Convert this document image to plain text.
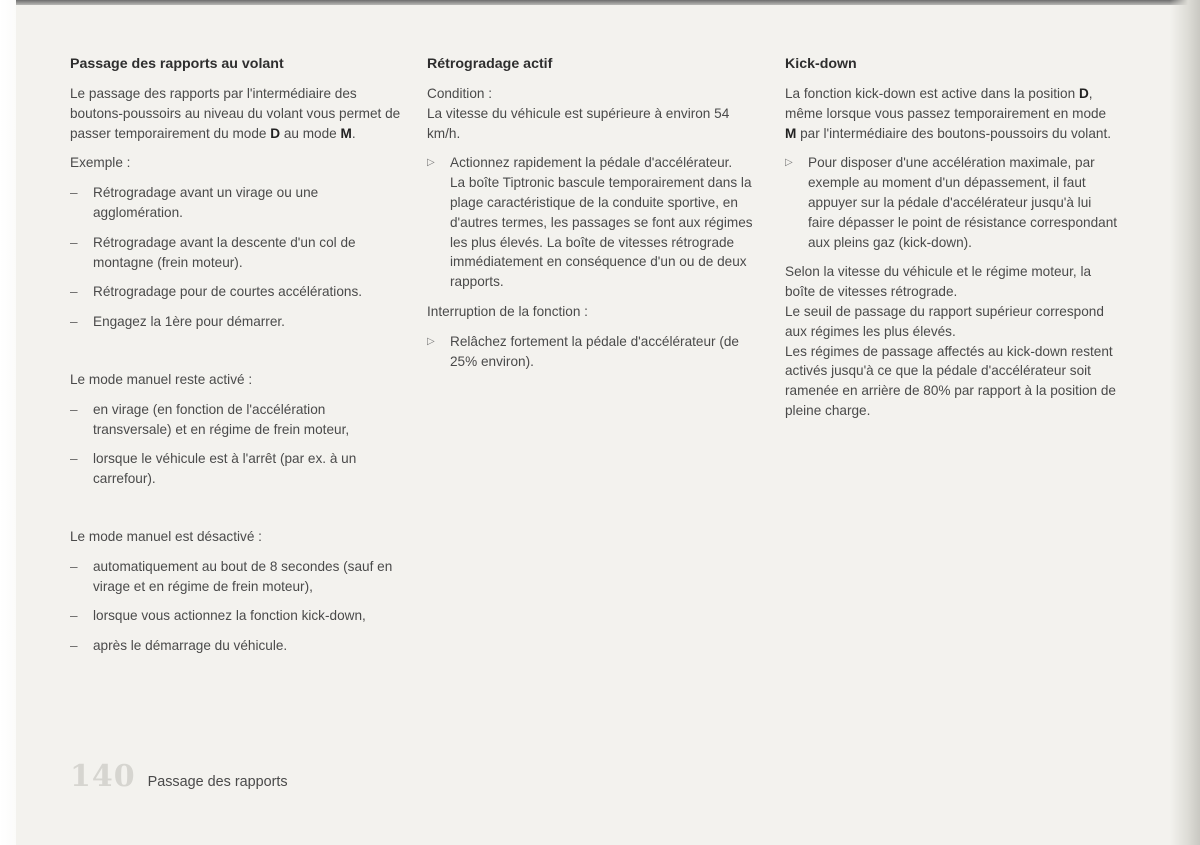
Passage des rapports au volant

Le passage des rapports par l'intermédiaire des boutons-poussoirs au niveau du volant vous permet de passer temporairement du mode D au mode M.

Exemple :

– Rétrogradage avant un virage ou une agglomération.
– Rétrogradage avant la descente d'un col de montagne (frein moteur).
– Rétrogradage pour de courtes accélérations.
– Engagez la 1ère pour démarrer.

Le mode manuel reste activé :

– en virage (en fonction de l'accélération transversale) et en régime de frein moteur,
– lorsque le véhicule est à l'arrêt (par ex. à un carrefour).

Le mode manuel est désactivé :

– automatiquement au bout de 8 secondes (sauf en virage et en régime de frein moteur),
– lorsque vous actionnez la fonction kick-down,
– après le démarrage du véhicule.
Rétrogradage actif

Condition :
La vitesse du véhicule est supérieure à environ 54 km/h.

▷ Actionnez rapidement la pédale d'accélérateur.
La boîte Tiptronic bascule temporairement dans la plage caractéristique de la conduite sportive, en d'autres termes, les passages se font aux régimes les plus élevés. La boîte de vitesses rétrograde immédiatement en conséquence d'un ou de deux rapports.

Interruption de la fonction :

▷ Relâchez fortement la pédale d'accélérateur (de 25% environ).
Kick-down

La fonction kick-down est active dans la position D, même lorsque vous passez temporairement en mode M par l'intermédiaire des boutons-poussoirs du volant.

▷ Pour disposer d'une accélération maximale, par exemple au moment d'un dépassement, il faut appuyer sur la pédale d'accélérateur jusqu'à lui faire dépasser le point de résistance correspondant aux pleins gaz (kick-down).

Selon la vitesse du véhicule et le régime moteur, la boîte de vitesses rétrograde.
Le seuil de passage du rapport supérieur correspond aux régimes les plus élevés.
Les régimes de passage affectés au kick-down restent activés jusqu'à ce que la pédale d'accélérateur soit ramenée en arrière de 80% par rapport à la position de pleine charge.

140 Passage des rapports
